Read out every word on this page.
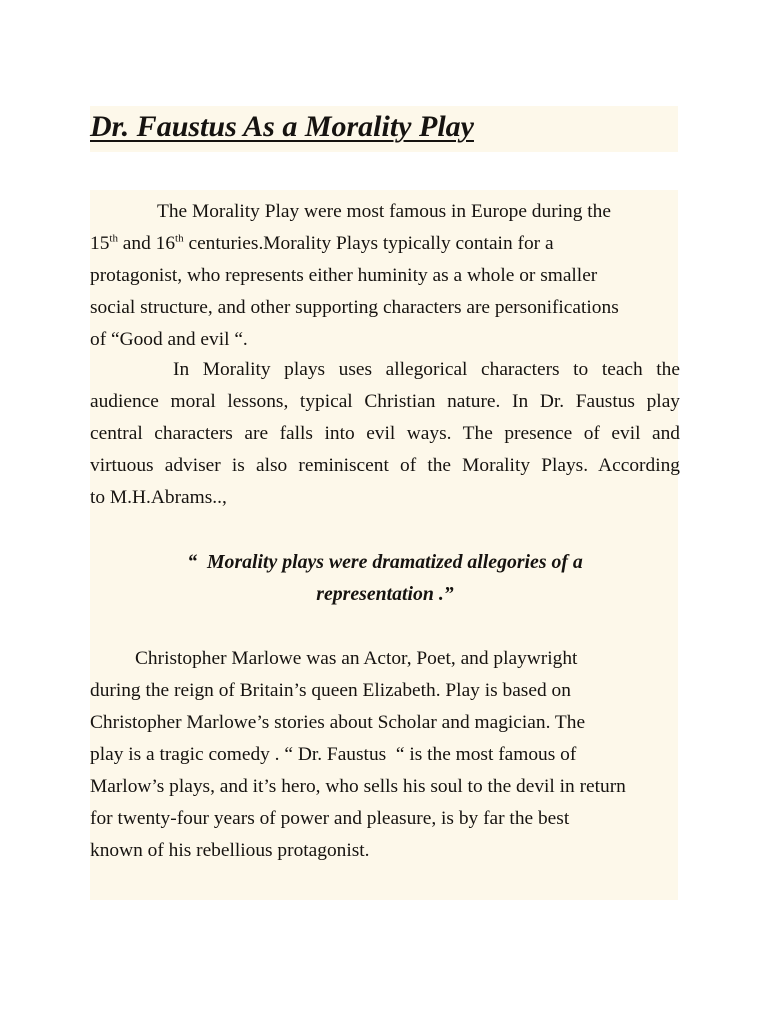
Dr. Faustus As a Morality Play

The Morality Play were most famous in Europe during the
15th and 16th centuries.Morality Plays typically contain for a
protagonist, who represents either huminity as a whole or smaller
social structure, and other supporting characters are personifications
of “Good and evil “.

In Morality plays uses allegorical characters to teach the
audience moral lessons, typical Christian nature. In Dr. Faustus play
central characters are falls into evil ways. The presence of evil and
virtuous adviser is also reminiscent of the Morality Plays. According
to M.H.Abrams..,

“  Morality plays were dramatized allegories of a
representation .”

Christopher Marlowe was an Actor, Poet, and playwright
during the reign of Britain’s queen Elizabeth. Play is based on
Christopher Marlowe’s stories about Scholar and magician. The
play is a tragic comedy . “ Dr. Faustus  “ is the most famous of
Marlow’s plays, and it’s hero, who sells his soul to the devil in return
for twenty-four years of power and pleasure, is by far the best
known of his rebellious protagonist.
